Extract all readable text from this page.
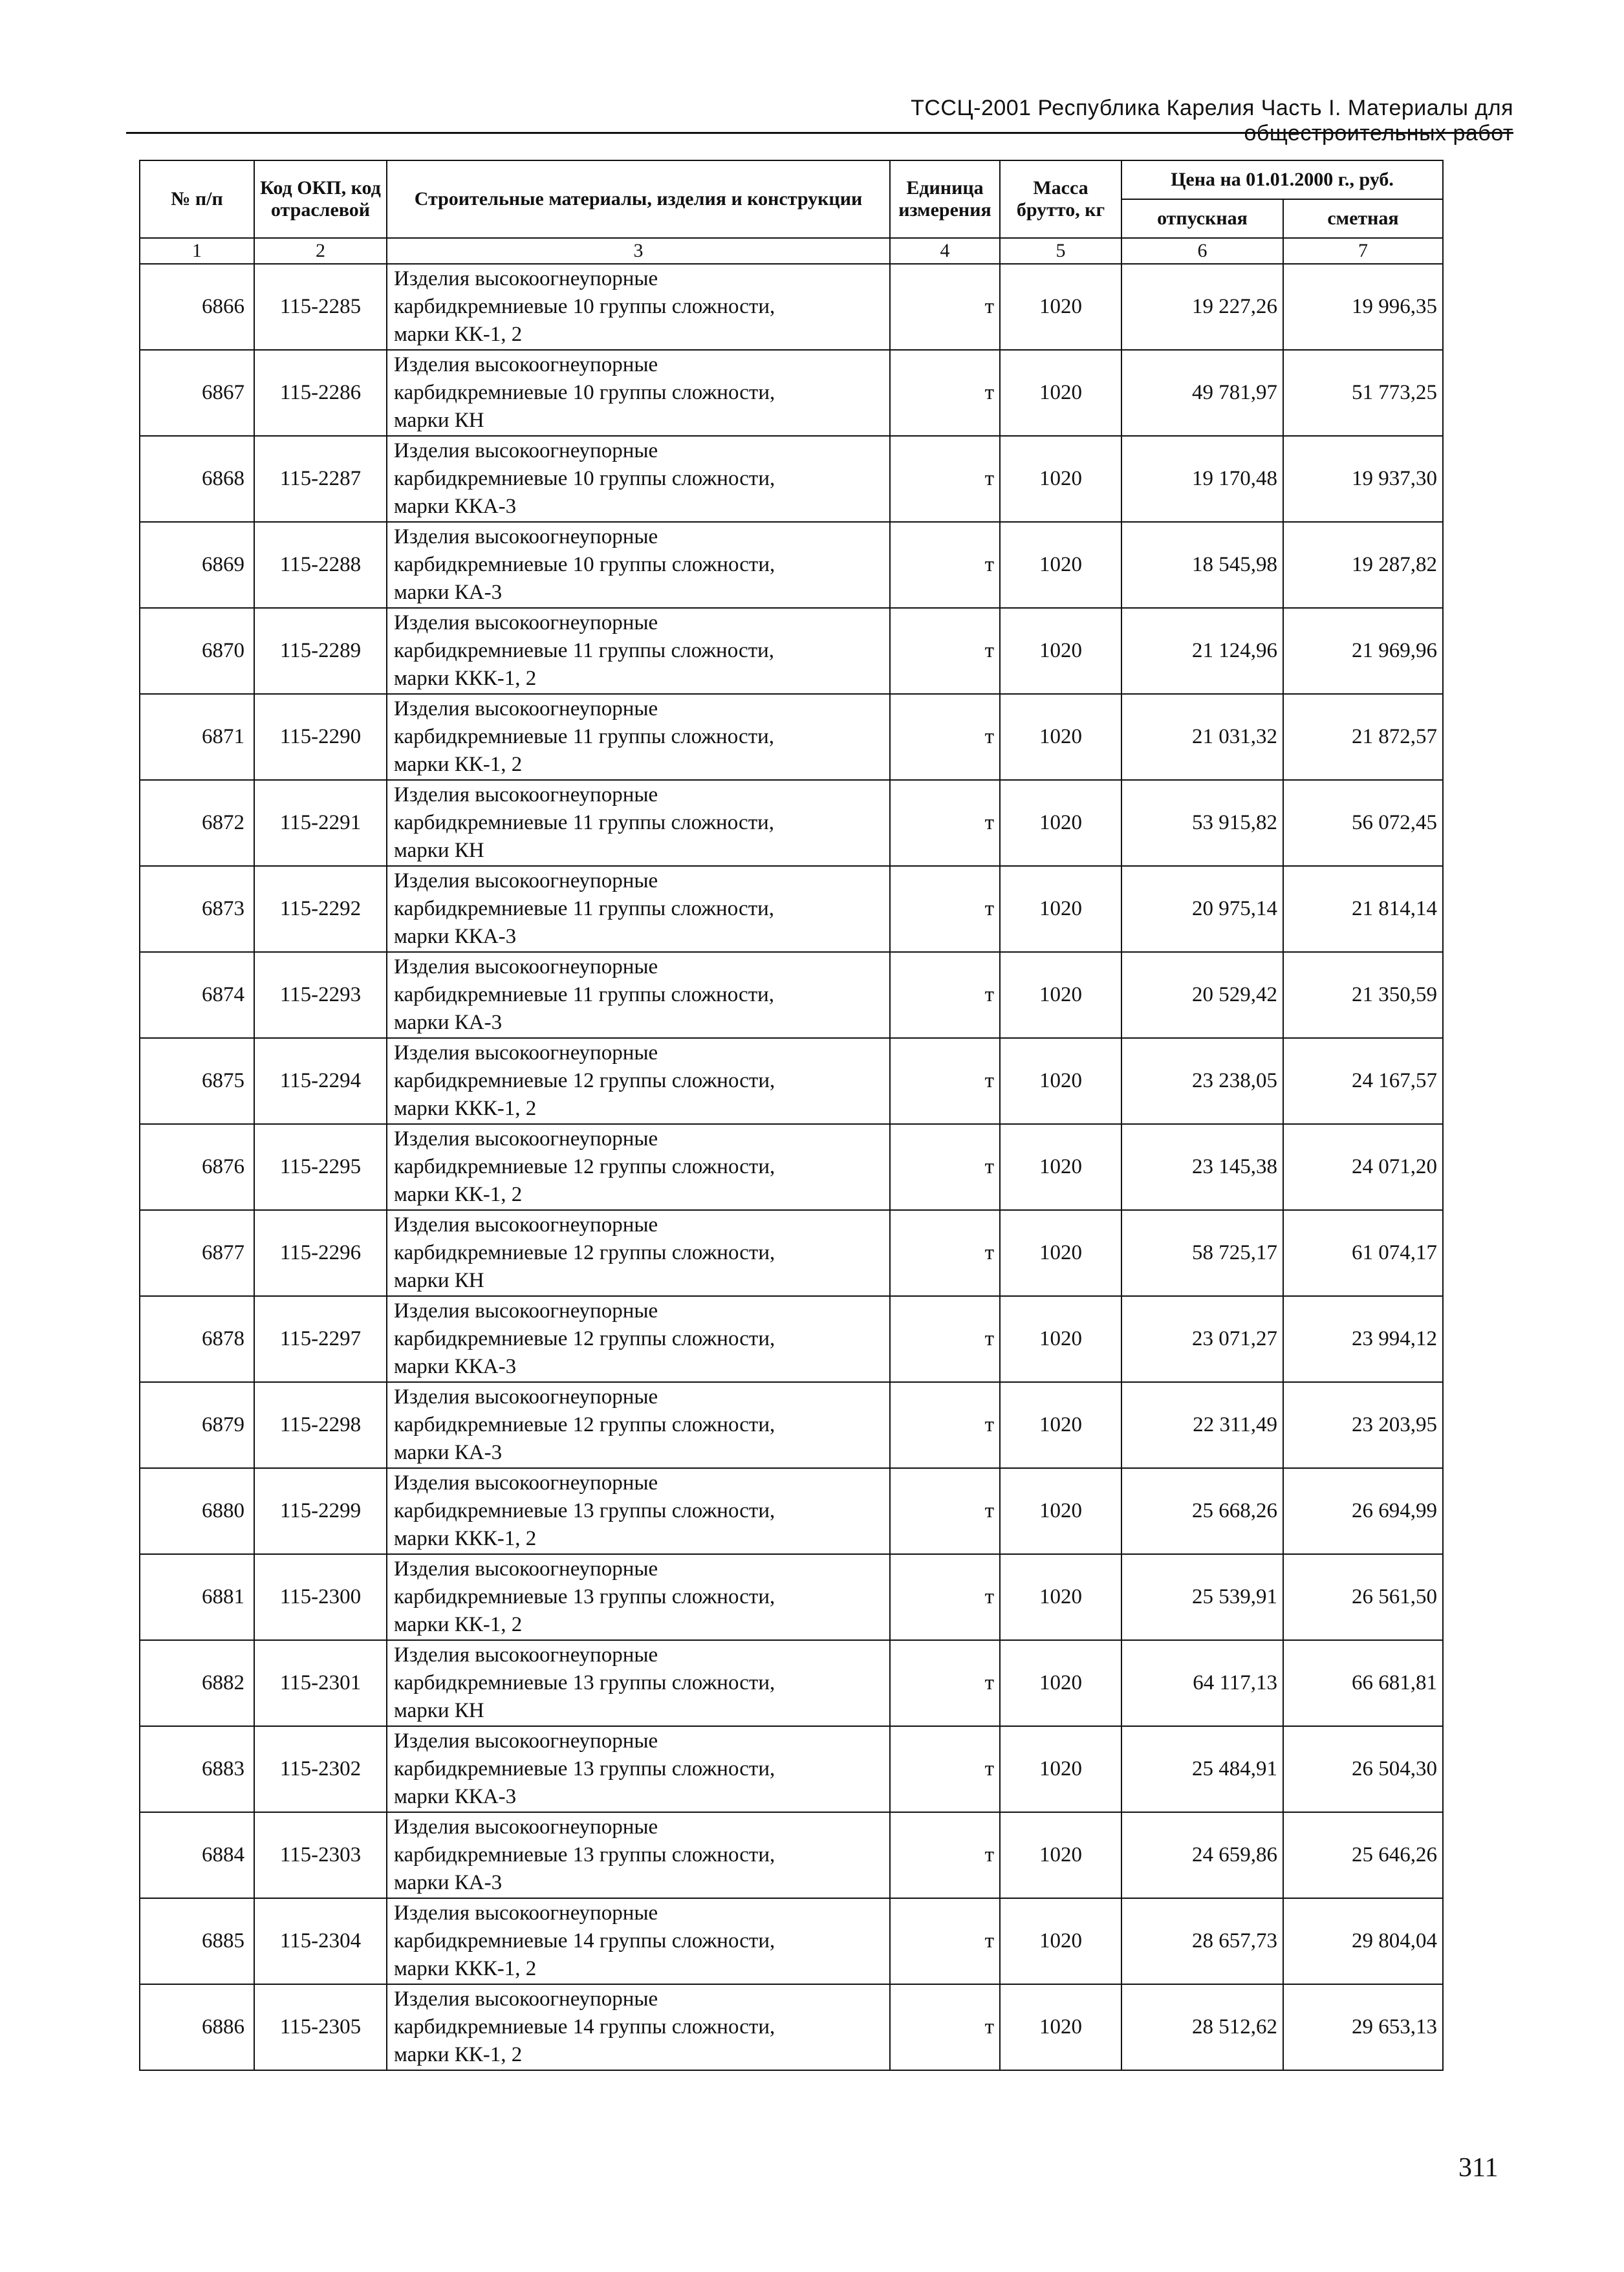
ТССЦ-2001 Республика Карелия Часть I. Материалы для общестроительных работ
№ п/п	Код ОКП, код отраслевой	Строительные материалы, изделия и конструкции	Единица измерения	Масса брутто, кг	Цена на 01.01.2000 г., руб.	
					отпускная	сметная
1	2	3	4	5	6	7
6866	115-2285	Изделия высокоогнеупорные
карбидкремниевые 10 группы сложности,
марки КК-1, 2	т	1020	19 227,26	19 996,35
6867	115-2286	Изделия высокоогнеупорные
карбидкремниевые 10 группы сложности,
марки КН	т	1020	49 781,97	51 773,25
6868	115-2287	Изделия высокоогнеупорные
карбидкремниевые 10 группы сложности,
марки ККА-3	т	1020	19 170,48	19 937,30
6869	115-2288	Изделия высокоогнеупорные
карбидкремниевые 10 группы сложности,
марки КА-3	т	1020	18 545,98	19 287,82
6870	115-2289	Изделия высокоогнеупорные
карбидкремниевые 11 группы сложности,
марки ККК-1, 2	т	1020	21 124,96	21 969,96
6871	115-2290	Изделия высокоогнеупорные
карбидкремниевые 11 группы сложности,
марки КК-1, 2	т	1020	21 031,32	21 872,57
6872	115-2291	Изделия высокоогнеупорные
карбидкремниевые 11 группы сложности,
марки КН	т	1020	53 915,82	56 072,45
6873	115-2292	Изделия высокоогнеупорные
карбидкремниевые 11 группы сложности,
марки ККА-3	т	1020	20 975,14	21 814,14
6874	115-2293	Изделия высокоогнеупорные
карбидкремниевые 11 группы сложности,
марки КА-3	т	1020	20 529,42	21 350,59
6875	115-2294	Изделия высокоогнеупорные
карбидкремниевые 12 группы сложности,
марки ККК-1, 2	т	1020	23 238,05	24 167,57
6876	115-2295	Изделия высокоогнеупорные
карбидкремниевые 12 группы сложности,
марки КК-1, 2	т	1020	23 145,38	24 071,20
6877	115-2296	Изделия высокоогнеупорные
карбидкремниевые 12 группы сложности,
марки КН	т	1020	58 725,17	61 074,17
6878	115-2297	Изделия высокоогнеупорные
карбидкремниевые 12 группы сложности,
марки ККА-3	т	1020	23 071,27	23 994,12
6879	115-2298	Изделия высокоогнеупорные
карбидкремниевые 12 группы сложности,
марки КА-3	т	1020	22 311,49	23 203,95
6880	115-2299	Изделия высокоогнеупорные
карбидкремниевые 13 группы сложности,
марки ККК-1, 2	т	1020	25 668,26	26 694,99
6881	115-2300	Изделия высокоогнеупорные
карбидкремниевые 13 группы сложности,
марки КК-1, 2	т	1020	25 539,91	26 561,50
6882	115-2301	Изделия высокоогнеупорные
карбидкремниевые 13 группы сложности,
марки КН	т	1020	64 117,13	66 681,81
6883	115-2302	Изделия высокоогнеупорные
карбидкремниевые 13 группы сложности,
марки ККА-3	т	1020	25 484,91	26 504,30
6884	115-2303	Изделия высокоогнеупорные
карбидкремниевые 13 группы сложности,
марки КА-3	т	1020	24 659,86	25 646,26
6885	115-2304	Изделия высокоогнеупорные
карбидкремниевые 14 группы сложности,
марки ККК-1, 2	т	1020	28 657,73	29 804,04
6886	115-2305	Изделия высокоогнеупорные
карбидкремниевые 14 группы сложности,
марки КК-1, 2	т	1020	28 512,62	29 653,13
311
